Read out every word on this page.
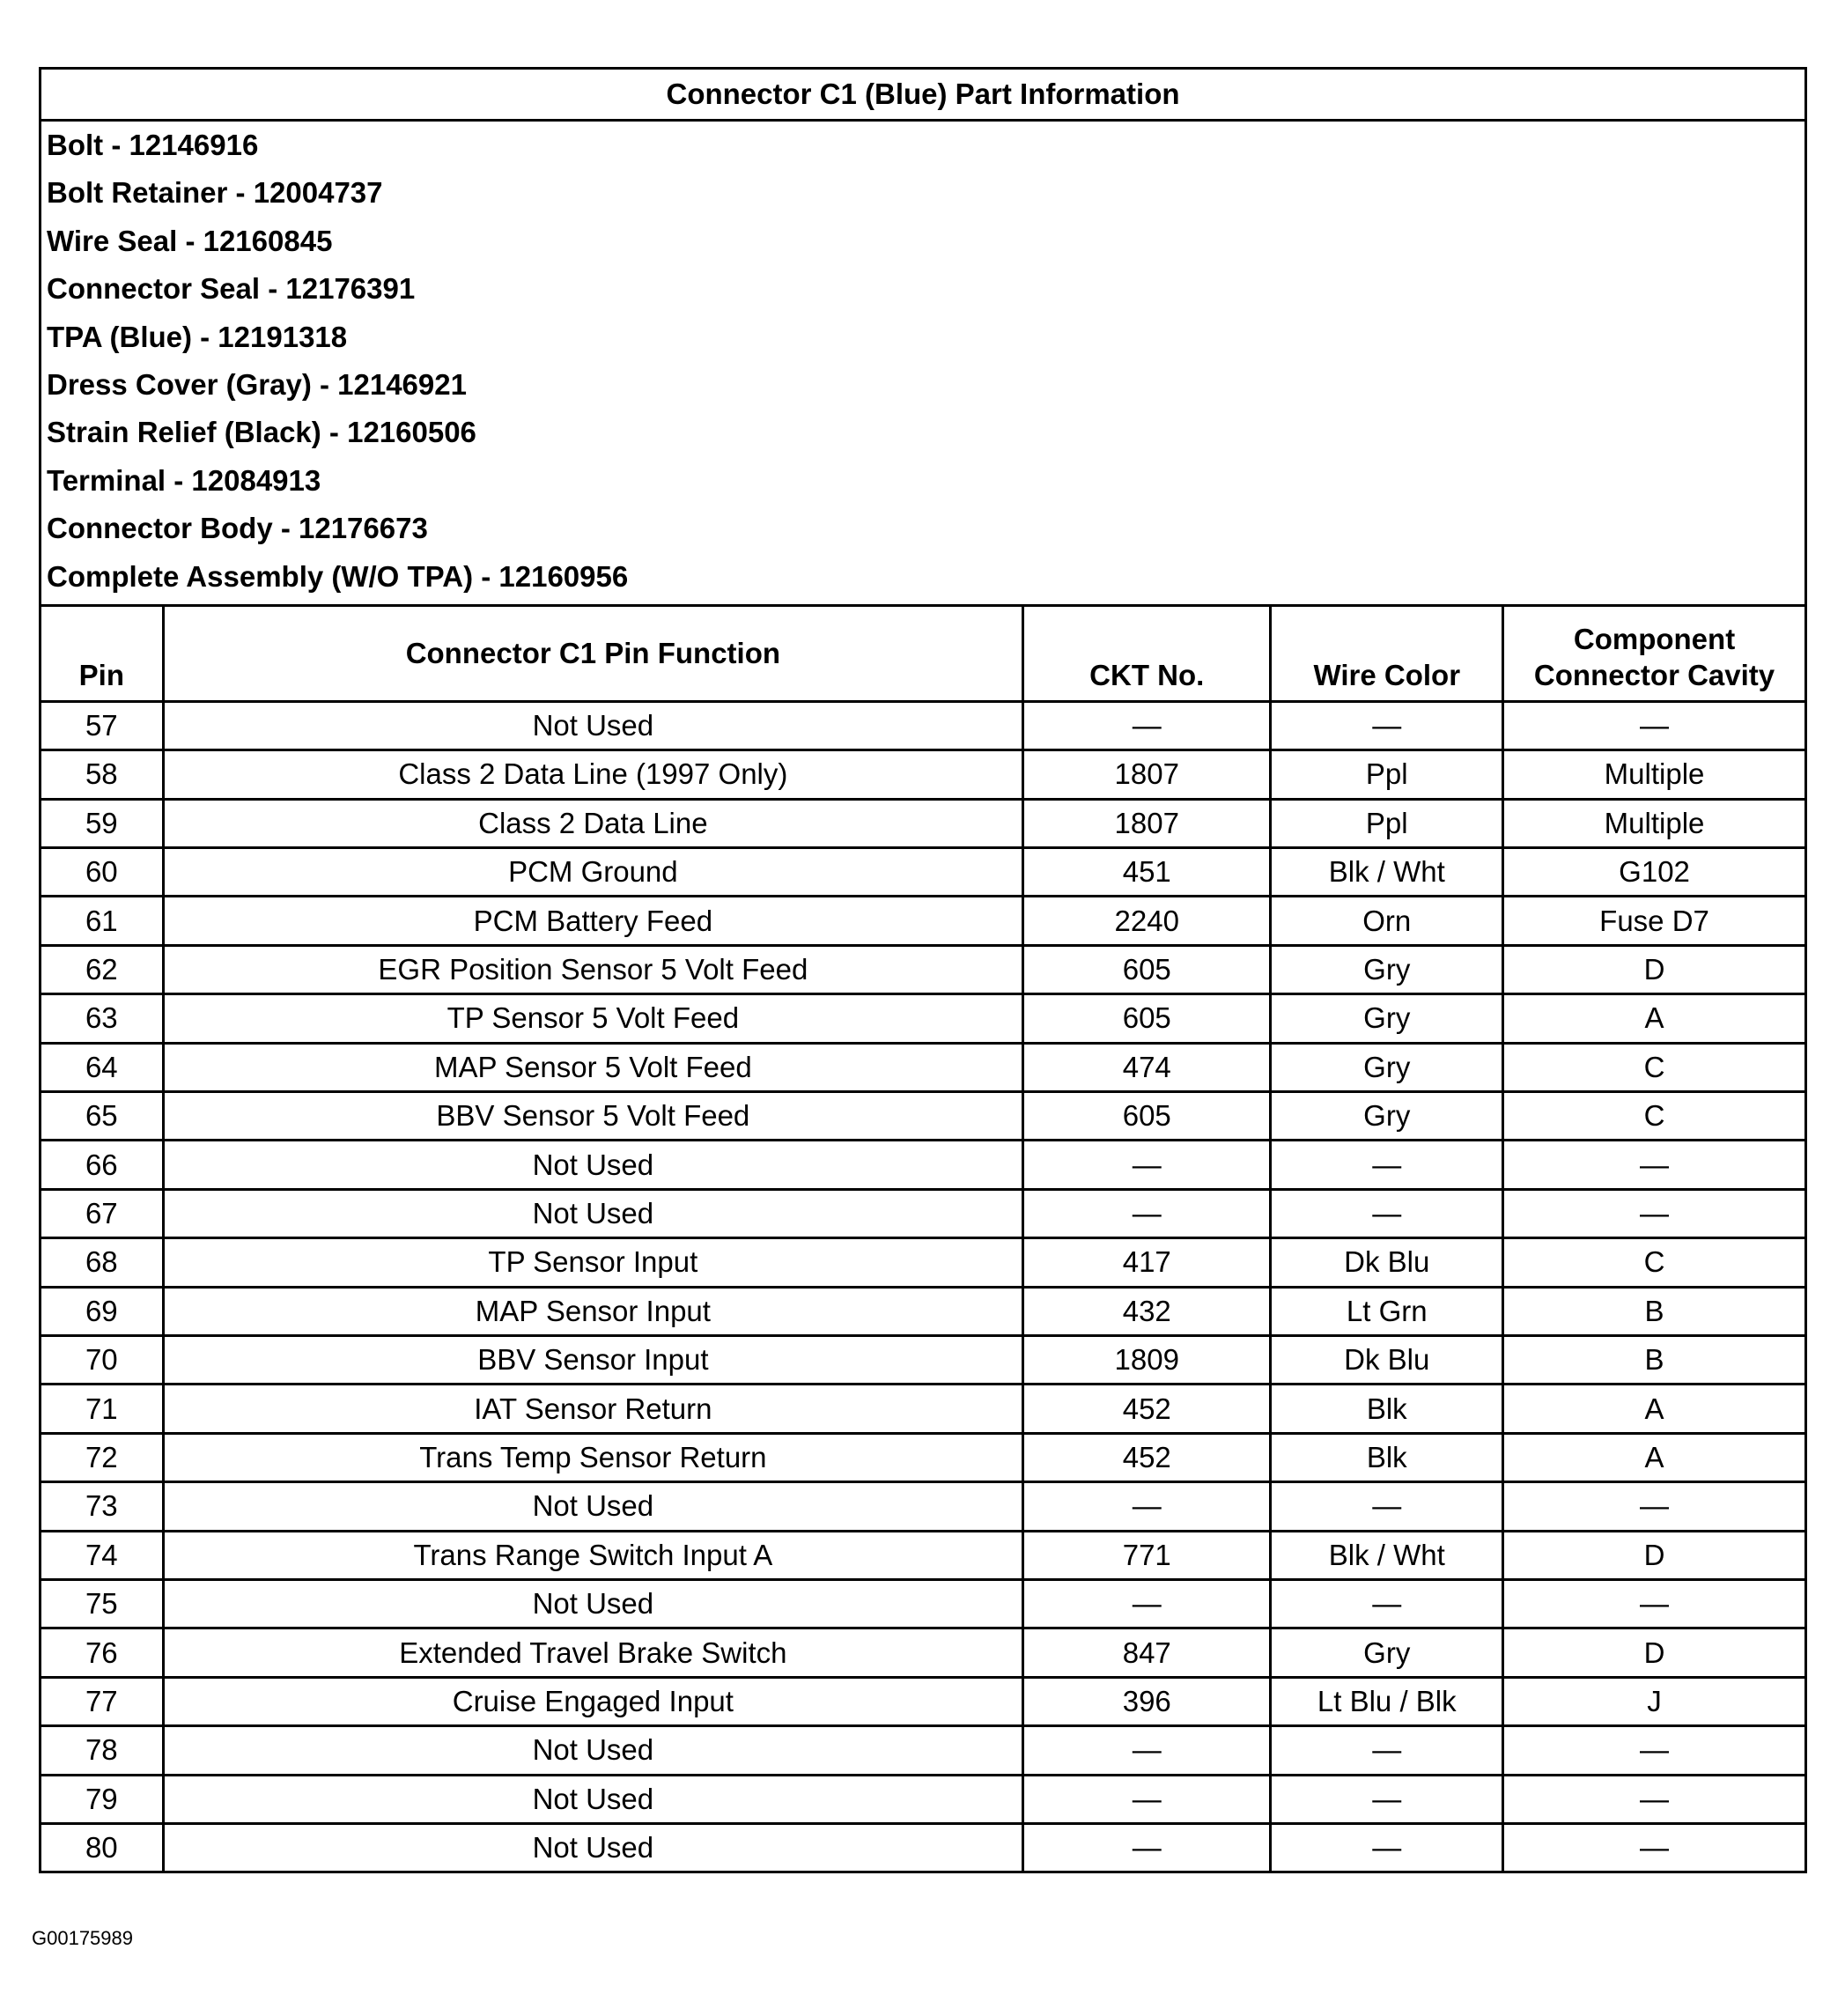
Connector C1 (Blue) Part Information
Bolt - 12146916
Bolt Retainer - 12004737
Wire Seal - 12160845
Connector Seal - 12176391
TPA (Blue) - 12191318
Dress Cover (Gray) - 12146921
Strain Relief (Black) - 12160506
Terminal - 12084913
Connector Body - 12176673
Complete Assembly (W/O TPA) - 12160956
Pin	Connector C1 Pin Function	CKT No.	Wire Color	Component
Connector Cavity
57	Not Used	—	—	—
58	Class 2 Data Line (1997 Only)	1807	Ppl	Multiple
59	Class 2 Data Line	1807	Ppl	Multiple
60	PCM Ground	451	Blk / Wht	G102
61	PCM Battery Feed	2240	Orn	Fuse D7
62	EGR Position Sensor 5 Volt Feed	605	Gry	D
63	TP Sensor 5 Volt Feed	605	Gry	A
64	MAP Sensor 5 Volt Feed	474	Gry	C
65	BBV Sensor 5 Volt Feed	605	Gry	C
66	Not Used	—	—	—
67	Not Used	—	—	—
68	TP Sensor Input	417	Dk Blu	C
69	MAP Sensor Input	432	Lt Grn	B
70	BBV Sensor Input	1809	Dk Blu	B
71	IAT Sensor Return	452	Blk	A
72	Trans Temp Sensor Return	452	Blk	A
73	Not Used	—	—	—
74	Trans Range Switch Input A	771	Blk / Wht	D
75	Not Used	—	—	—
76	Extended Travel Brake Switch	847	Gry	D
77	Cruise Engaged Input	396	Lt Blu / Blk	J
78	Not Used	—	—	—
79	Not Used	—	—	—
80	Not Used	—	—	—
G00175989
